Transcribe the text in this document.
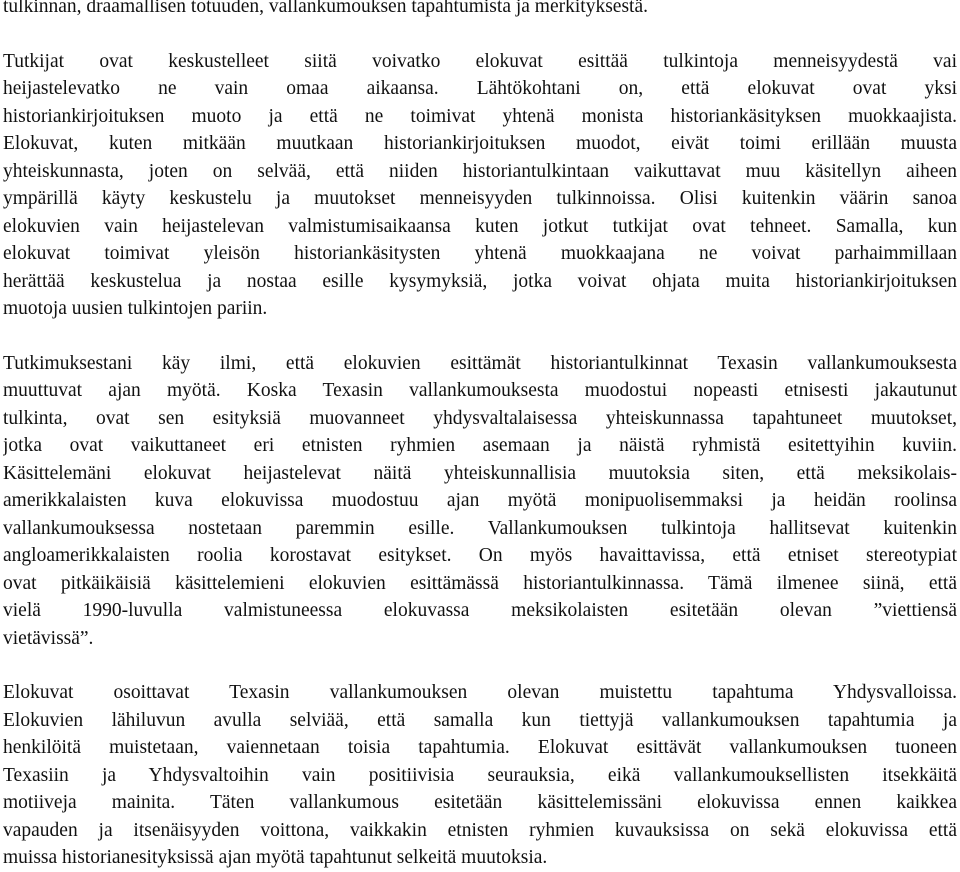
tulkinnan, draamallisen totuuden, vallankumouksen tapahtumista ja merkityksestä.
Tutkijat ovat keskustelleet siitä voivatko elokuvat esittää tulkintoja menneisyydestä vai
heijastelevatko ne vain omaa aikaansa. Lähtökohtani on, että elokuvat ovat yksi
historiankirjoituksen muoto ja että ne toimivat yhtenä monista historiankäsityksen muokkaajista.
Elokuvat, kuten mitkään muutkaan historiankirjoituksen muodot, eivät toimi erillään muusta
yhteiskunnasta, joten on selvää, että niiden historiantulkintaan vaikuttavat muu käsitellyn aiheen
ympärillä käyty keskustelu ja muutokset menneisyyden tulkinnoissa. Olisi kuitenkin väärin sanoa
elokuvien vain heijastelevan valmistumisaikaansa kuten jotkut tutkijat ovat tehneet. Samalla, kun
elokuvat toimivat yleisön historiankäsitysten yhtenä muokkaajana ne voivat parhaimmillaan
herättää keskustelua ja nostaa esille kysymyksiä, jotka voivat ohjata muita historiankirjoituksen
muotoja uusien tulkintojen pariin.
Tutkimuksestani käy ilmi, että elokuvien esittämät historiantulkinnat Texasin vallankumouksesta
muuttuvat ajan myötä. Koska Texasin vallankumouksesta muodostui nopeasti etnisesti jakautunut
tulkinta, ovat sen esityksiä muovanneet yhdysvaltalaisessa yhteiskunnassa tapahtuneet muutokset,
jotka ovat vaikuttaneet eri etnisten ryhmien asemaan ja näistä ryhmistä esitettyihin kuviin.
Käsittelemäni elokuvat heijastelevat näitä yhteiskunnallisia muutoksia siten, että meksikolais-
amerikkalaisten kuva elokuvissa muodostuu ajan myötä monipuolisemmaksi ja heidän roolinsa
vallankumouksessa nostetaan paremmin esille. Vallankumouksen tulkintoja hallitsevat kuitenkin
angloamerikkalaisten roolia korostavat esitykset. On myös havaittavissa, että etniset stereotypiat
ovat pitkäikäisiä käsittelemieni elokuvien esittämässä historiantulkinnassa. Tämä ilmenee siinä, että
vielä 1990-luvulla valmistuneessa elokuvassa meksikolaisten esitetään olevan ”viettiensä
vietävissä”.
Elokuvat osoittavat Texasin vallankumouksen olevan muistettu tapahtuma Yhdysvalloissa.
Elokuvien lähiluvun avulla selviää, että samalla kun tiettyjä vallankumouksen tapahtumia ja
henkilöitä muistetaan, vaiennetaan toisia tapahtumia. Elokuvat esittävät vallankumouksen tuoneen
Texasiin ja Yhdysvaltoihin vain positiivisia seurauksia, eikä vallankumouksellisten itsekkäitä
motiiveja mainita. Täten vallankumous esitetään käsittelemissäni elokuvissa ennen kaikkea
vapauden ja itsenäisyyden voittona, vaikkakin etnisten ryhmien kuvauksissa on sekä elokuvissa että
muissa historianesityksissä ajan myötä tapahtunut selkeitä muutoksia.
